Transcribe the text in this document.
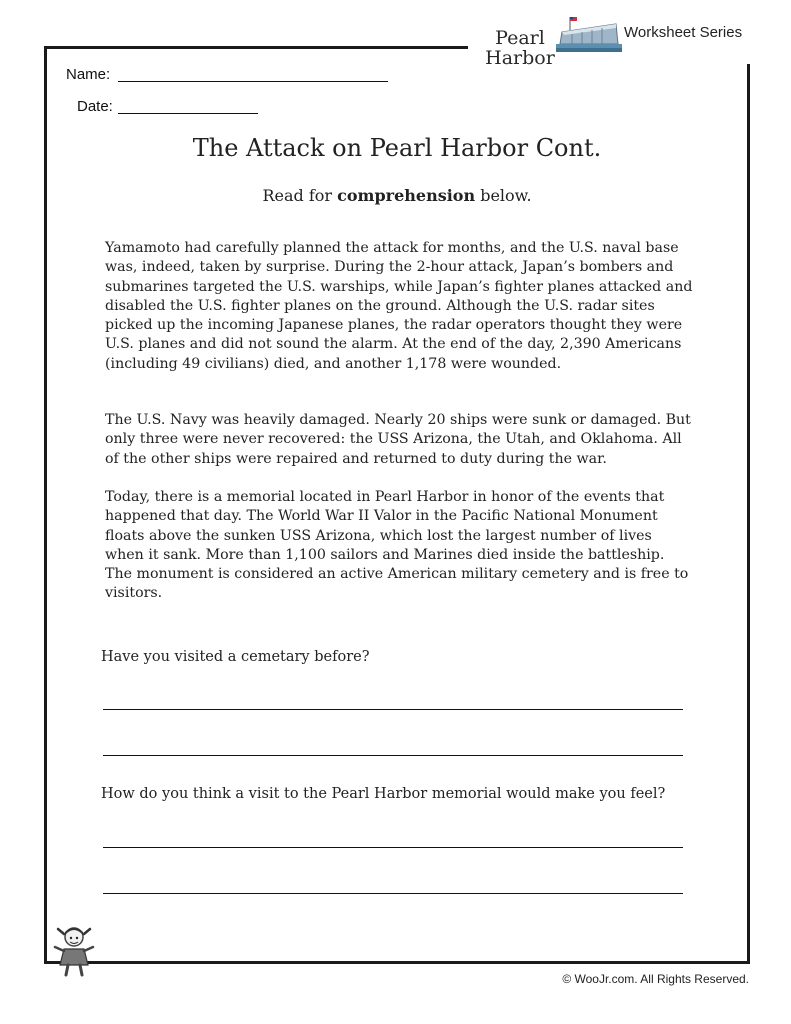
Pearl
Harbor
Worksheet Series
Name:
Date:
The Attack on Pearl Harbor Cont.
Read for comprehension below.

Yamamoto had carefully planned the attack for months, and the U.S. naval base was, indeed, taken by surprise. During the 2-hour attack, Japan’s bombers and submarines targeted the U.S. warships, while Japan’s fighter planes attacked and disabled the U.S. fighter planes on the ground. Although the U.S. radar sites picked up the incoming Japanese planes, the radar operators thought they were U.S. planes and did not sound the alarm. At the end of the day, 2,390 Americans (including 49 civilians) died, and another 1,178 were wounded.

The U.S. Navy was heavily damaged. Nearly 20 ships were sunk or damaged. But only three were never recovered: the USS Arizona, the Utah, and Oklahoma. All of the other ships were repaired and returned to duty during the war.

Today, there is a memorial located in Pearl Harbor in honor of the events that happened that day. The World War II Valor in the Pacific National Monument floats above the sunken USS Arizona, which lost the largest number of lives when it sank. More than 1,100 sailors and Marines died inside the battleship. The monument is considered an active American military cemetery and is free to visitors.

Have you visited a cemetary before?
How do you think a visit to the Pearl Harbor memorial would make you feel?
© WooJr.com. All Rights Reserved.
